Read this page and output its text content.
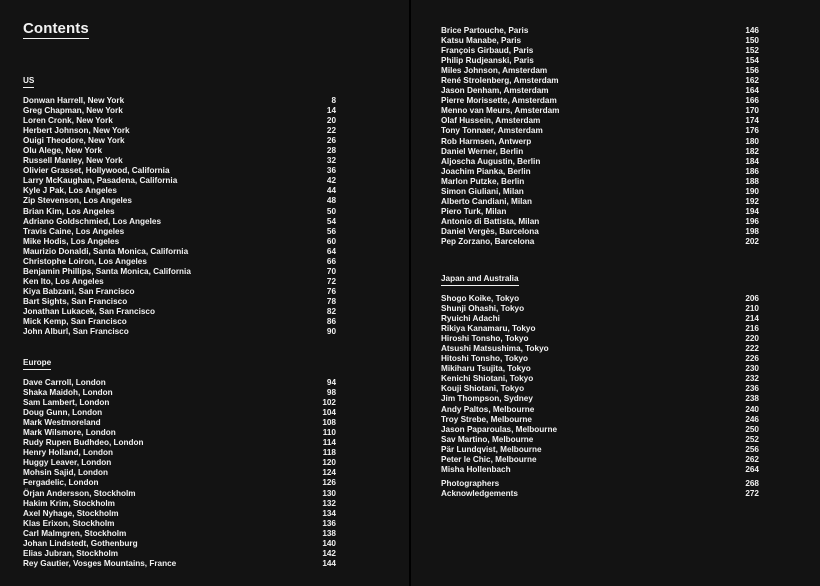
Contents
US
Donwan Harrell, New York	8
Greg Chapman, New York	14
Loren Cronk, New York	20
Herbert Johnson, New York	22
Ouigi Theodore, New York	26
Olu Alege, New York	28
Russell Manley, New York	32
Olivier Grasset, Hollywood, California	36
Larry McKaughan, Pasadena, California	42
Kyle J Pak, Los Angeles	44
Zip Stevenson, Los Angeles	48
Brian Kim, Los Angeles	50
Adriano Goldschmied, Los Angeles	54
Travis Caine, Los Angeles	56
Mike Hodis, Los Angeles	60
Maurizio Donaldi, Santa Monica, California	64
Christophe Loiron, Los Angeles	66
Benjamin Phillips, Santa Monica, California	70
Ken Ito, Los Angeles	72
Kiya Babzani, San Francisco	76
Bart Sights, San Francisco	78
Jonathan Lukacek, San Francisco	82
Mick Kemp, San Francisco	86
John Alburl, San Francisco	90
Europe
Dave Carroll, London	94
Shaka Maidoh, London	98
Sam Lambert, London	102
Doug Gunn, London	104
Mark Westmoreland	108
Mark Wilsmore, London	110
Rudy Rupen Budhdeo, London	114
Henry Holland, London	118
Huggy Leaver, London	120
Mohsin Sajid, London	124
Fergadelic, London	126
Örjan Andersson, Stockholm	130
Hakim Krim, Stockholm	132
Axel Nyhage, Stockholm	134
Klas Erixon, Stockholm	136
Carl Malmgren, Stockholm	138
Johan Lindstedt, Gothenburg	140
Elias Jubran, Stockholm	142
Rey Gautier, Vosges Mountains, France	144
Brice Partouche, Paris	146
Katsu Manabe, Paris	150
François Girbaud, Paris	152
Philip Rudjeanski, Paris	154
Miles Johnson, Amsterdam	156
René Strolenberg, Amsterdam	162
Jason Denham, Amsterdam	164
Pierre Morissette, Amsterdam	166
Menno van Meurs, Amsterdam	170
Olaf Hussein, Amsterdam	174
Tony Tonnaer, Amsterdam	176
Rob Harmsen, Antwerp	180
Daniel Werner, Berlin	182
Aljoscha Augustin, Berlin	184
Joachim Pianka, Berlin	186
Marlon Putzke, Berlin	188
Simon Giuliani, Milan	190
Alberto Candiani, Milan	192
Piero Turk, Milan	194
Antonio di Battista, Milan	196
Daniel Vergès, Barcelona	198
Pep Zorzano, Barcelona	202
Japan and Australia
Shogo Koike, Tokyo	206
Shunji Ohashi, Tokyo	210
Ryuichi Adachi	214
Rikiya Kanamaru, Tokyo	216
Hiroshi Tonsho, Tokyo	220
Atsushi Matsushima, Tokyo	222
Hitoshi Tonsho, Tokyo	226
Mikiharu Tsujita, Tokyo	230
Kenichi Shiotani, Tokyo	232
Kouji Shiotani, Tokyo	236
Jim Thompson, Sydney	238
Andy Paltos, Melbourne	240
Troy Strebe, Melbourne	246
Jason Paparoulas, Melbourne	250
Sav Martino, Melbourne	252
Pär Lundqvist, Melbourne	256
Peter le Chic, Melbourne	262
Misha Hollenbach	264
Photographers	268
Acknowledgements	272
